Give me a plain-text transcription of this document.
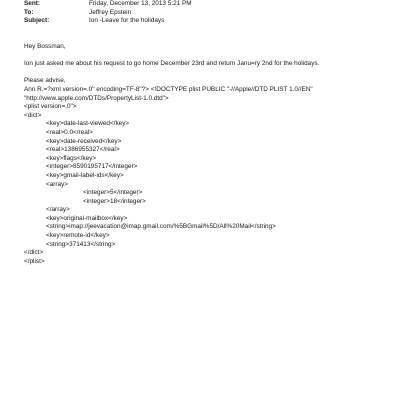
Sent:	Friday, December 13, 2013 5:21 PM
To:	Jeffrey Epstein
Subject:	Ion -Leave for the holidays
Hey Bossman,
Ion just asked me about his request to go home December 23rd and return Janu=ry 2nd for the holidays.
Please advise,
Ann R.=?xml version=.0" encoding=TF-8"?> <!DOCTYPE plist PUBLIC "-//Apple//DTD PLIST 1.0//EN"
"http://www.apple.com/DTDs/PropertyList-1.0.dtd">
<plist version=.0">
<dict>
<key>date-last-viewed</key>
<real>0.0</real>
<key>date-received</key>
<real>1386955327</real>
<key>flags</key>
<integer>8590195717</integer>
<key>gmail-label-ids</key>
<array>
<integer>5</integer>
<integer>18</integer>
</array>
<key>original-mailbox</key>
<string>imap://jeevacation@imap.gmail.com/%5BGmail%5D/All%20Mail</string>
<key>remote-id</key>
<string>371413</string>
</dict>
</plist>
